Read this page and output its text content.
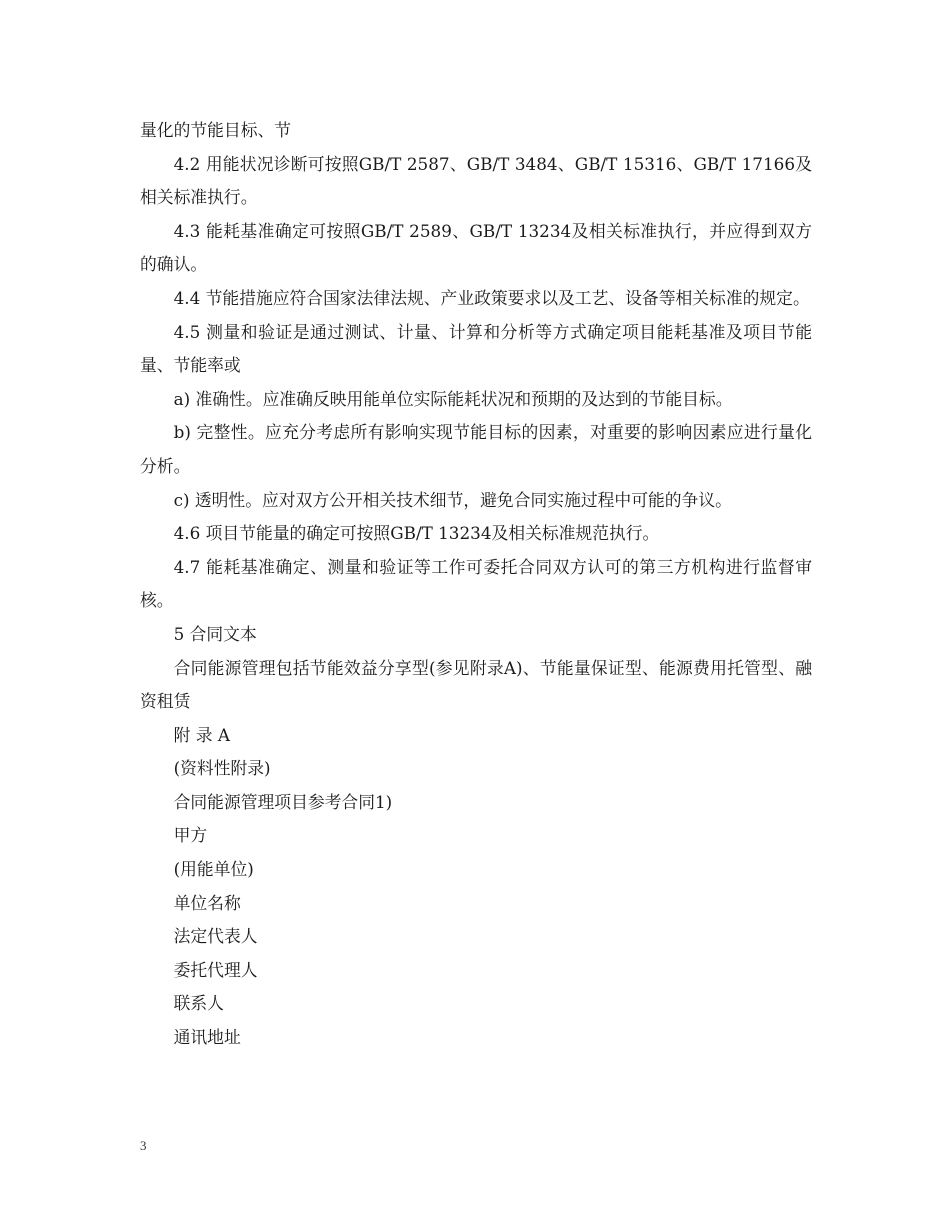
量化的节能目标、节

4.2 用能状况诊断可按照GB/T 2587、GB/T 3484、GB/T 15316、GB/T 17166及相关标准执行。

4.3 能耗基准确定可按照GB/T 2589、GB/T 13234及相关标准执行，并应得到双方的确认。

4.4 节能措施应符合国家法律法规、产业政策要求以及工艺、设备等相关标准的规定。

4.5 测量和验证是通过测试、计量、计算和分析等方式确定项目能耗基准及项目节能量、节能率或

a) 准确性。应准确反映用能单位实际能耗状况和预期的及达到的节能目标。

b) 完整性。应充分考虑所有影响实现节能目标的因素，对重要的影响因素应进行量化分析。

c) 透明性。应对双方公开相关技术细节，避免合同实施过程中可能的争议。

4.6 项目节能量的确定可按照GB/T 13234及相关标准规范执行。

4.7 能耗基准确定、测量和验证等工作可委托合同双方认可的第三方机构进行监督审核。

5 合同文本

合同能源管理包括节能效益分享型(参见附录A)、节能量保证型、能源费用托管型、融资租赁

附 录 A

(资料性附录)

合同能源管理项目参考合同1)

甲方

(用能单位)

单位名称

法定代表人

委托代理人

联系人

通讯地址

3
